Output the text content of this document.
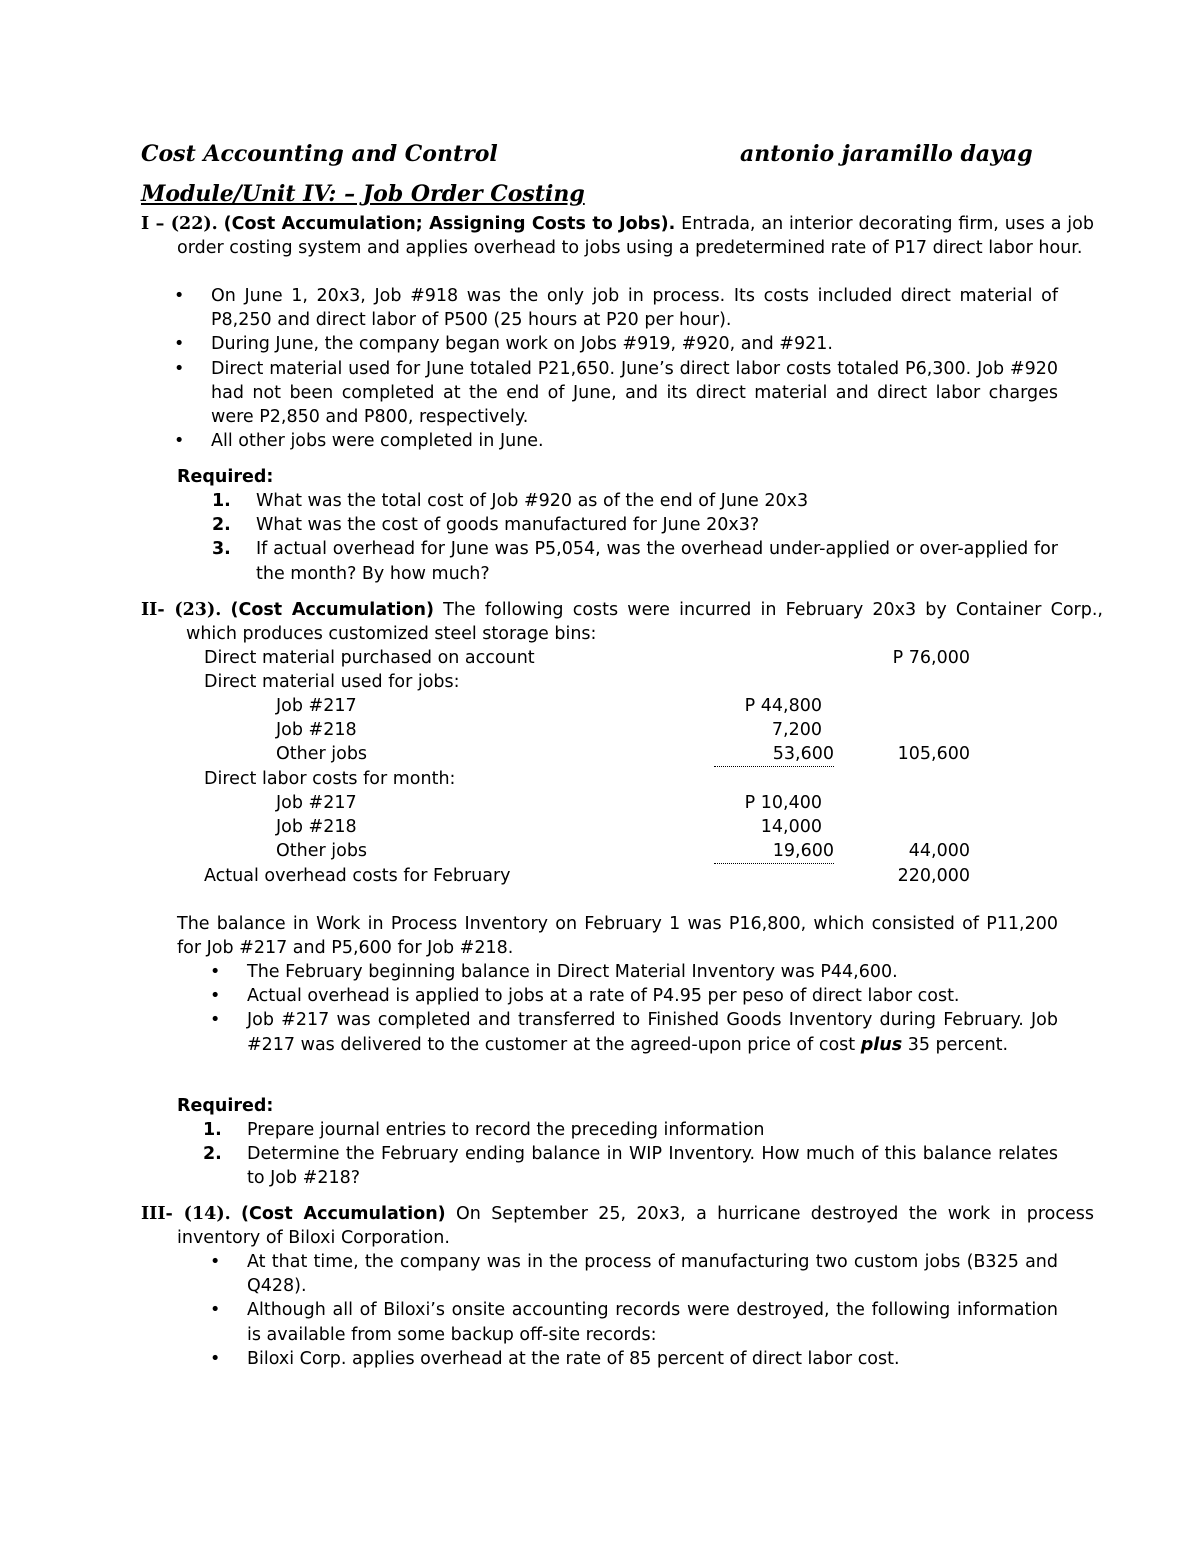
Cost Accounting and Control	antonio jaramillo dayag
Module/Unit IV: – Job Order Costing
I – (22). (Cost Accumulation; Assigning Costs to Jobs). Entrada, an interior decorating firm, uses a job order costing system and applies overhead to jobs using a predetermined rate of P17 direct labor hour.
• On June 1, 20x3, Job #918 was the only job in process. Its costs included direct material of P8,250 and direct labor of P500 (25 hours at P20 per hour).
• During June, the company began work on Jobs #919, #920, and #921.
• Direct material used for June totaled P21,650. June’s direct labor costs totaled P6,300. Job #920 had not been completed at the end of June, and its direct material and direct labor charges were P2,850 and P800, respectively.
• All other jobs were completed in June.
Required:
1. What was the total cost of Job #920 as of the end of June 20x3
2. What was the cost of goods manufactured for June 20x3?
3. If actual overhead for June was P5,054, was the overhead under-applied or over-applied for the month? By how much?
II- (23). (Cost Accumulation) The following costs were incurred in February 20x3 by Container Corp., which produces customized steel storage bins:
Direct material purchased on account	P 76,000
Direct material used for jobs:
Job #217	P 44,800
Job #218	7,200
Other jobs	53,600	105,600
Direct labor costs for month:
Job #217	P 10,400
Job #218	14,000
Other jobs	19,600	44,000
Actual overhead costs for February	220,000
The balance in Work in Process Inventory on February 1 was P16,800, which consisted of P11,200 for Job #217 and P5,600 for Job #218.
• The February beginning balance in Direct Material Inventory was P44,600.
• Actual overhead is applied to jobs at a rate of P4.95 per peso of direct labor cost.
• Job #217 was completed and transferred to Finished Goods Inventory during February. Job #217 was delivered to the customer at the agreed-upon price of cost plus 35 percent.
Required:
1. Prepare journal entries to record the preceding information
2. Determine the February ending balance in WIP Inventory. How much of this balance relates to Job #218?
III- (14). (Cost Accumulation) On September 25, 20x3, a hurricane destroyed the work in process inventory of Biloxi Corporation.
• At that time, the company was in the process of manufacturing two custom jobs (B325 and Q428).
• Although all of Biloxi’s onsite accounting records were destroyed, the following information is available from some backup off-site records:
• Biloxi Corp. applies overhead at the rate of 85 percent of direct labor cost.
